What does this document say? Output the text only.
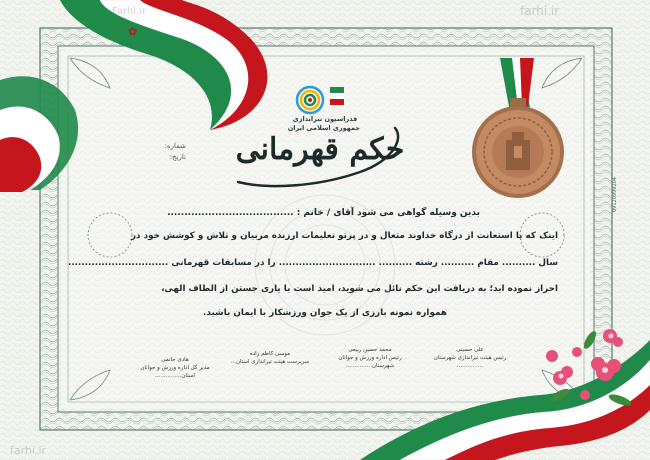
✿
فدراسیون تیراندازی
جمهوری اسلامی ایران
شماره:
تاریخ: حکم قهرمانی
بدین وسیله گواهی می شود آقای / خانم : .....................................
اینک که با استعانت از درگاه خداوند متعال و در پرتو تعلیمات ارزنده مربیان و تلاش و کوشش خود در
سال .......... مقام .......... رشته .......... ............................. را در مسابقات قهرمانی ..............................
احراز نموده اید؛ به دریافت این حکم نائل می شوید، امید است با یاری جستن از الطاف الهی،
همواره نمونه بارزی از یک جوان ورزشکار با ایمان باشید.
علی حسینی
رئیس هیئت تیراندازی شهرستان
...............
محمد حسین ربیعی
رئیس اداره ورزش و جوانان
شهرستان...............
موسی کاظم زاده
سرپرست هیئت تیراندازی استان...
هادی حاتمی
مدیر کل اداره ورزش و جوانان
استان...............
09120999204
Farhi.ir	farhi.ir
farhi.ir
